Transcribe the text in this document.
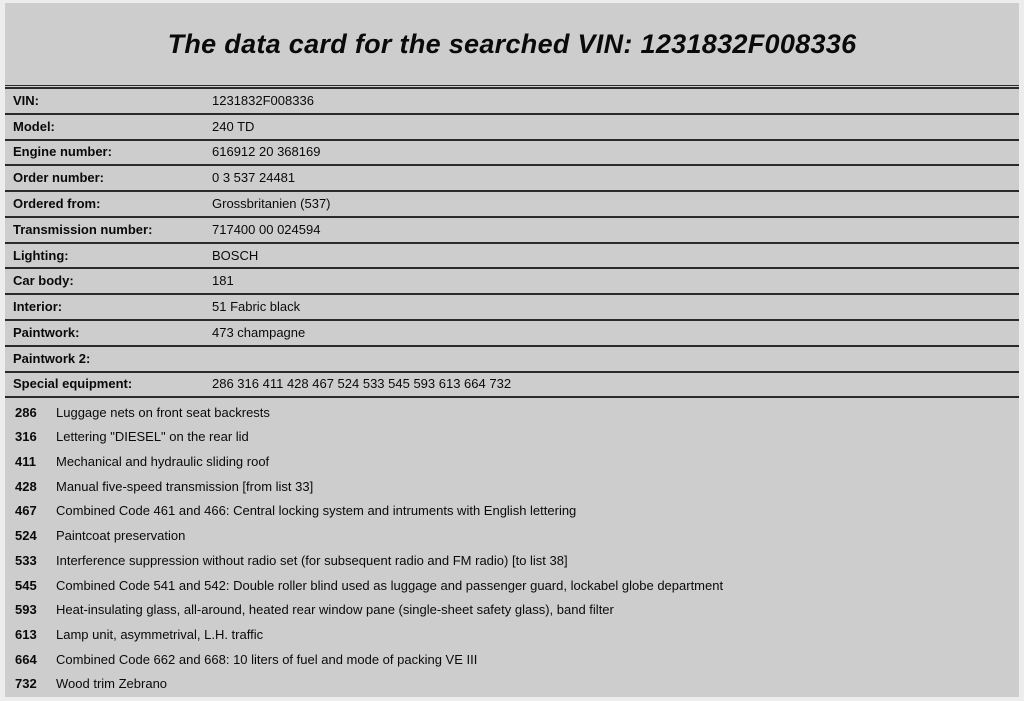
The data card for the searched VIN: 1231832F008336
VIN:	1231832F008336
Model:	240 TD
Engine number:	616912 20 368169
Order number:	0 3 537 24481
Ordered from:	Grossbritanien (537)
Transmission number:	717400 00 024594
Lighting:	BOSCH
Car body:	181
Interior:	51 Fabric black
Paintwork:	473 champagne
Paintwork 2:	
Special equipment:	286 316 411 428 467 524 533 545 593 613 664 732
286	Luggage nets on front seat backrests
316	Lettering "DIESEL" on the rear lid
411	Mechanical and hydraulic sliding roof
428	Manual five-speed transmission [from list 33]
467	Combined Code 461 and 466: Central locking system and intruments with English lettering
524	Paintcoat preservation
533	Interference suppression without radio set (for subsequent radio and FM radio) [to list 38]
545	Combined Code 541 and 542: Double roller blind used as luggage and passenger guard, lockabel globe department
593	Heat-insulating glass, all-around, heated rear window pane (single-sheet safety glass), band filter
613	Lamp unit, asymmetrival, L.H. traffic
664	Combined Code 662 and 668: 10 liters of fuel and mode of packing VE III
732	Wood trim Zebrano
